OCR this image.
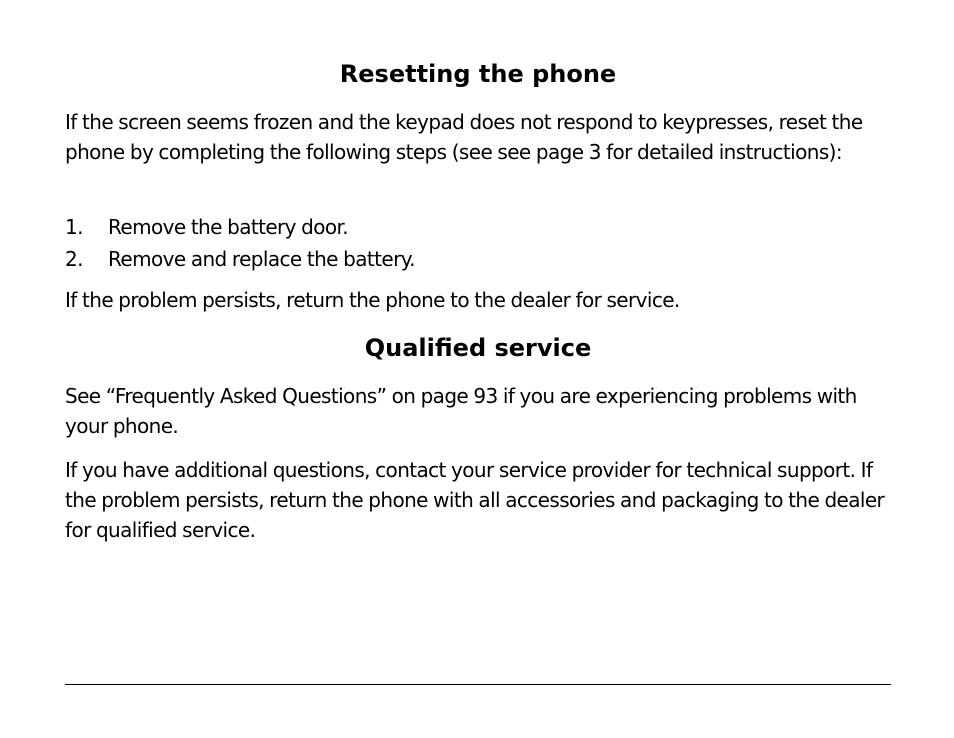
Resetting the phone

If the screen seems frozen and the keypad does not respond to keypresses, reset the phone by completing the following steps (see see page 3 for detailed instructions):

1. Remove the battery door.
2. Remove and replace the battery.

If the problem persists, return the phone to the dealer for service.

Qualified service

See “Frequently Asked Questions” on page 93 if you are experiencing problems with your phone.

If you have additional questions, contact your service provider for technical support. If the problem persists, return the phone with all accessories and packaging to the dealer for qualified service.
